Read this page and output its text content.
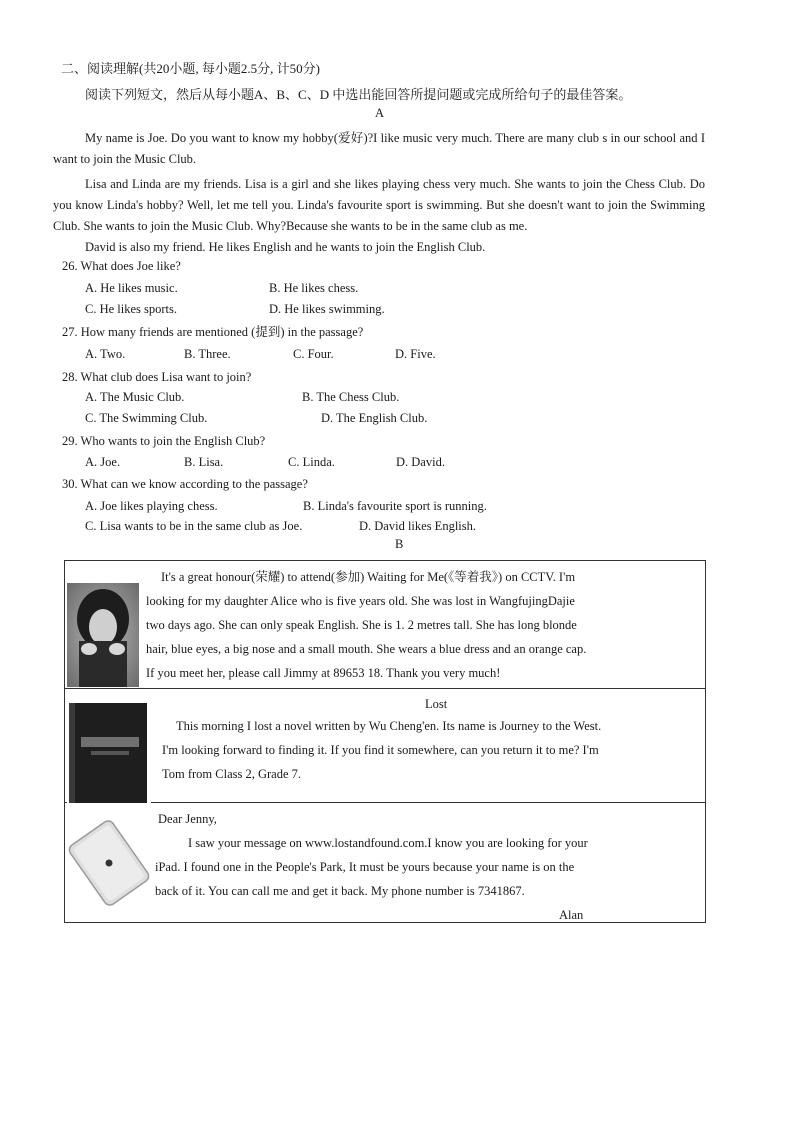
二、阅读理解(共20小题, 每小题2.5分, 计50分)
阅读下列短文，然后从每小题A、B、C、D 中选出能回答所提问题或完成所给句子的最佳答案。
A
My name is Joe. Do you want to know my hobby(爱好)?I like music very much. There are many club s in our school and I want to join the Music Club.
Lisa and Linda are my friends. Lisa is a girl and she likes playing chess very much. She wants to join the Chess Club. Do you know Linda's hobby? Well, let me tell you. Linda's favourite sport is swimming. But she doesn't want to join the Swimming Club. She wants to join the Music Club. Why?Because she wants to be in the same club as me.
David is also my friend. He likes English and he wants to join the English Club.
26. What does Joe like?
A. He likes music.	B. He likes chess.
C. He likes sports.	D. He likes swimming.
27. How many friends are mentioned (提到) in the passage?
A. Two.	B. Three.	C. Four.	D. Five.
28. What club does Lisa want to join?
A. The Music Club.	B. The Chess Club.
C. The Swimming Club.	D. The English Club.
29. Who wants to join the English Club?
A. Joe.	B. Lisa.	C. Linda.	D. David.
30. What can we know according to the passage?
A. Joe likes playing chess.	B. Linda's favourite sport is running.
C. Lisa wants to be in the same club as Joe.	D. David likes English.
B
It's a great honour(荣耀) to attend(参加) Waiting for Me(《等着我》) on CCTV. I'm
looking for my daughter Alice who is five years old. She was lost in WangfujingDajie
two days ago. She can only speak English. She is 1. 2 metres tall. She has long blonde
hair, blue eyes, a big nose and a small mouth. She wears a blue dress and an orange cap.
If you meet her, please call Jimmy at 89653 18. Thank you very much!
Lost
This morning I lost a novel written by Wu Cheng'en. Its name is Journey to the West.
I'm looking forward to finding it. If you find it somewhere, can you return it to me? I'm
Tom from Class 2, Grade 7.
Dear Jenny,
I saw your message on www.lostandfound.com.I know you are looking for your
iPad. I found one in the People's Park, It must be yours because your name is on the
back of it. You can call me and get it back. My phone number is 7341867.
Alan
